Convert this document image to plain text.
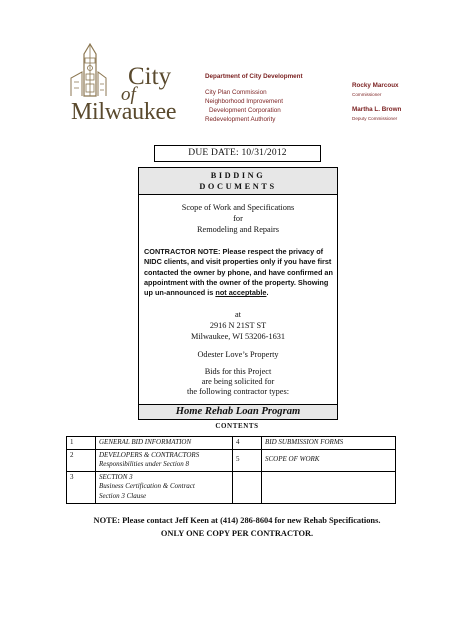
City
of
Milwaukee
Department of City Development
City Plan Commission
Neighborhood Improvement
Development Corporation
Redevelopment Authority
Rocky Marcoux
Commissioner
Martha L. Brown
Deputy Commissioner
DUE DATE: 10/31/2012
BIDDING
DOCUMENTS
Scope of Work and Specifications
for
Remodeling and Repairs
CONTRACTOR NOTE: Please respect the privacy of NIDC clients, and visit properties only if you have first contacted the owner by phone, and have confirmed an appointment with the owner of the property. Showing up un-announced is not acceptable.
at
2916 N 21ST ST
Milwaukee, WI 53206-1631
Odester Love’s Property
Bids for this Project
are being solicited for
the following contractor types:
Home Rehab Loan Program
CONTENTS
1	GENERAL BID INFORMATION	4	BID SUBMISSION FORMS
2	DEVELOPERS & CONTRACTORS
Responsibilities under Section 8	5	SCOPE OF WORK
3	SECTION 3
Business Certification & Contract
Section 3 Clause		
NOTE: Please contact Jeff Keen at (414) 286-8604 for new Rehab Specifications.
ONLY ONE COPY PER CONTRACTOR.
